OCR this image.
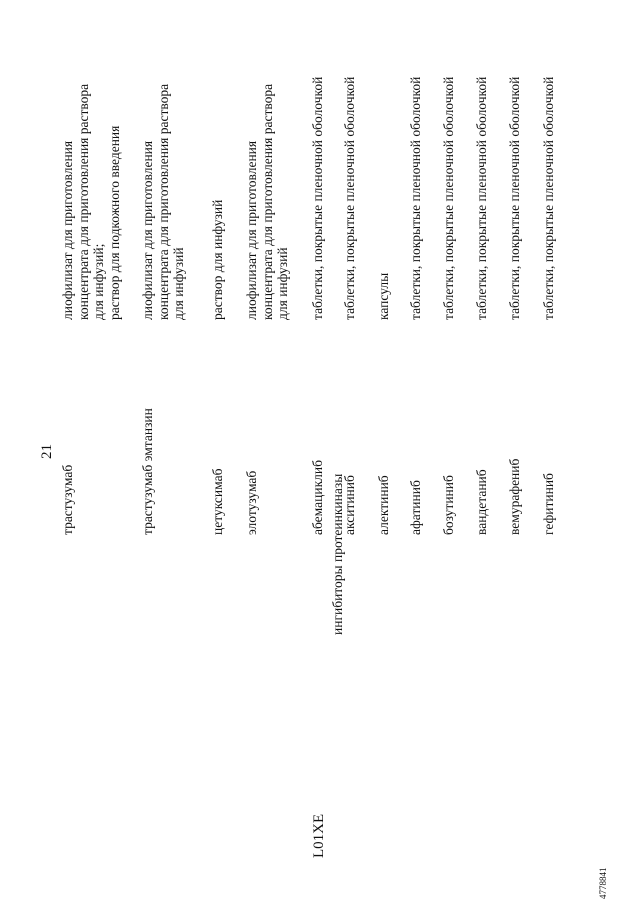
21
4778841
L01XE
ингибиторы протеинкиназы
трастузумаб
лиофилизат для приготовления концентрата для приготовления раствора для инфузий; раствор для подкожного введения
трастузумаб эмтанзин
лиофилизат для приготовления концентрата для приготовления раствора для инфузий
цетуксимаб
раствор для инфузий
элотузумаб
лиофилизат для приготовления концентрата для приготовления раствора для инфузий
абемациклиб
таблетки, покрытые пленочной оболочкой
акситиниб
таблетки, покрытые пленочной оболочкой
алектиниб
капсулы
афатиниб
таблетки, покрытые пленочной оболочкой
бозутиниб
таблетки, покрытые пленочной оболочкой
вандетаниб
таблетки, покрытые пленочной оболочкой
вемурафениб
таблетки, покрытые пленочной оболочкой
гефитиниб
таблетки, покрытые пленочной оболочкой
